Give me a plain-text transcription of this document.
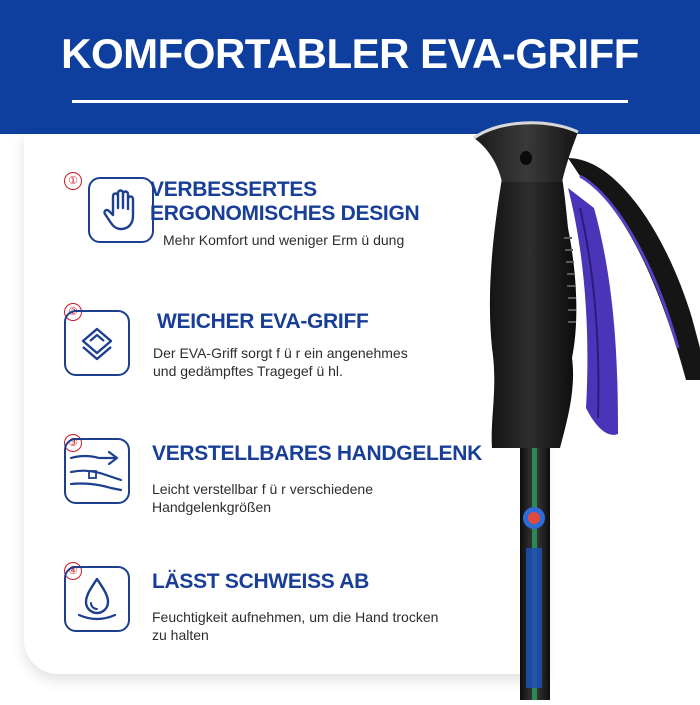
KOMFORTABLER EVA-GRIFF
①	VERBESSERTES
ERGONOMISCHES DESIGN
Mehr Komfort und weniger Erm ü dung
②	WEICHER EVA-GRIFF
Der EVA-Griff sorgt f ü r ein angenehmes
und gedämpftes Tragegef ü hl.
③	VERSTELLBARES HANDGELENK
Leicht verstellbar f ü r verschiedene
Handgelenkgrößen
④	LÄSST SCHWEISS AB
Feuchtigkeit aufnehmen, um die Hand trocken
zu halten
